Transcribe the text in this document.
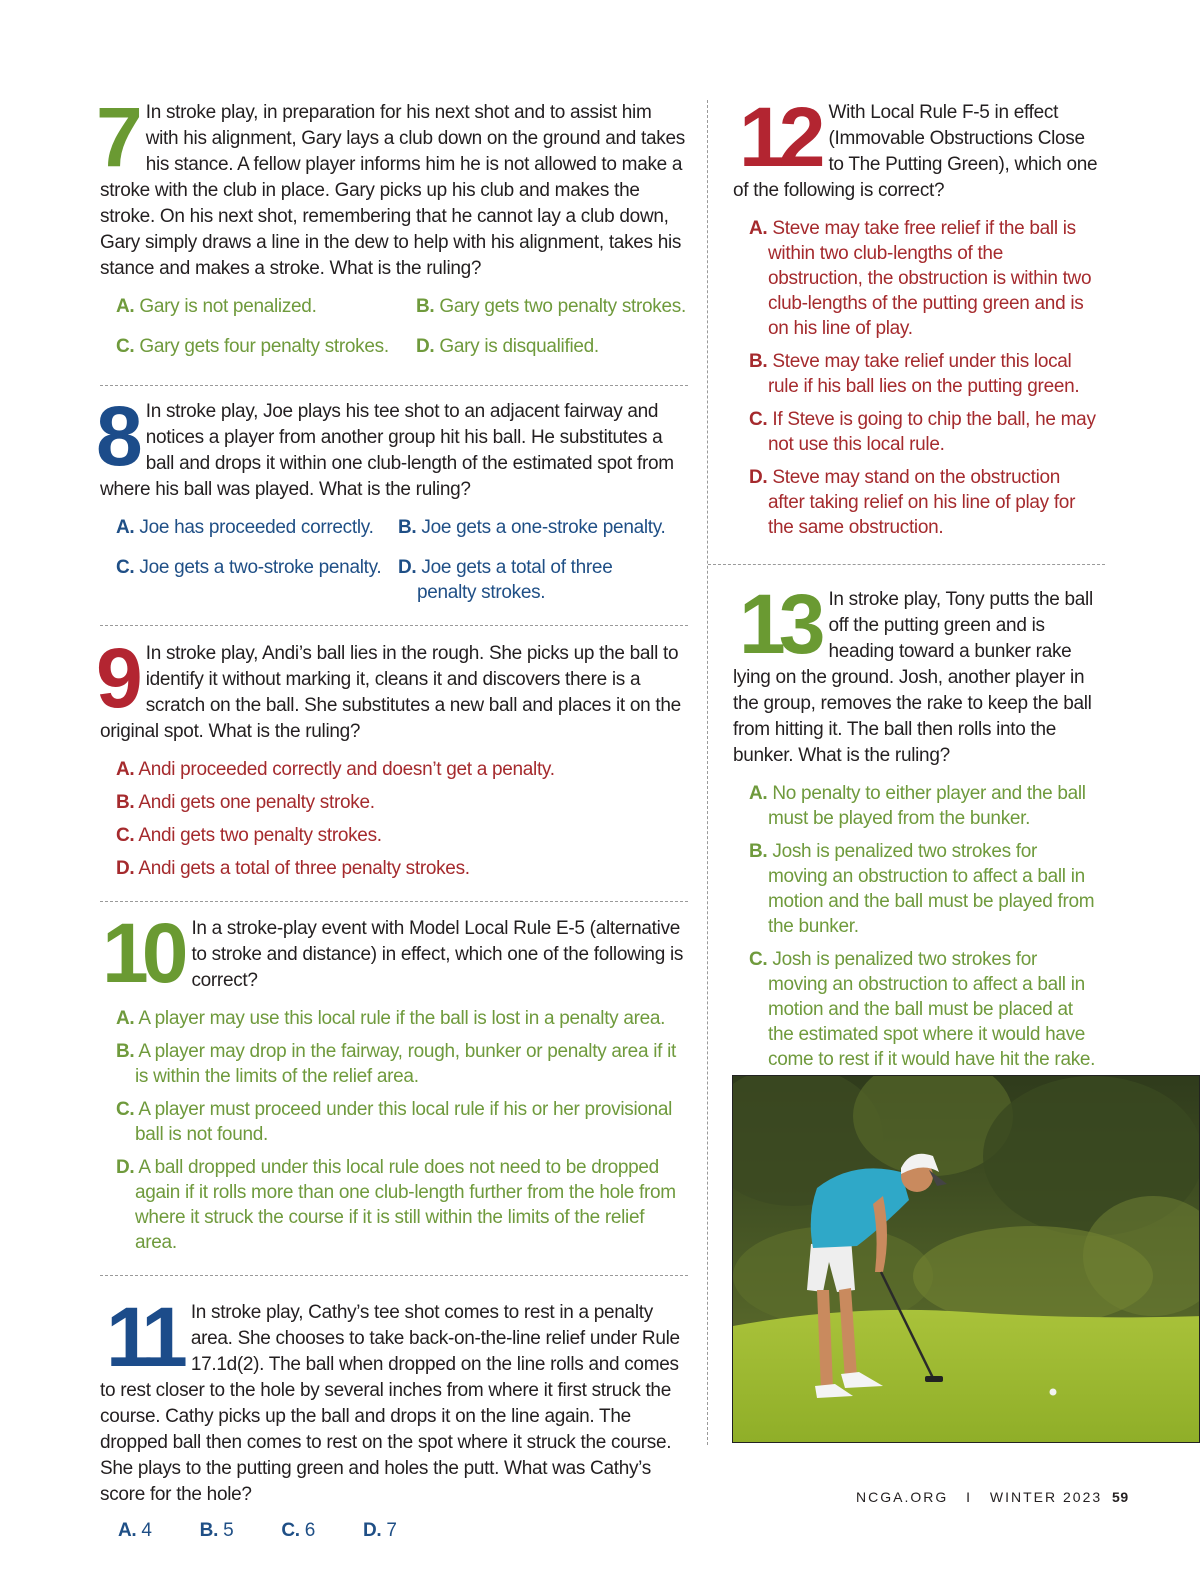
7 In stroke play, in preparation for his next shot and to assist him with his alignment, Gary lays a club down on the ground and takes his stance. A fellow player informs him he is not allowed to make a stroke with the club in place. Gary picks up his club and makes the stroke. On his next shot, remembering that he cannot lay a club down, Gary simply draws a line in the dew to help with his alignment, takes his stance and makes a stroke. What is the ruling?

A. Gary is not penalized.	B. Gary gets two penalty strokes.
C. Gary gets four penalty strokes.	D. Gary is disqualified.

8 In stroke play, Joe plays his tee shot to an adjacent fairway and notices a player from another group hit his ball. He substitutes a ball and drops it within one club-length of the estimated spot from where his ball was played. What is the ruling?

A. Joe has proceeded correctly.	B. Joe gets a one-stroke penalty.
C. Joe gets a two-stroke penalty. D. Joe gets a total of three penalty strokes.

9 In stroke play, Andi’s ball lies in the rough. She picks up the ball to identify it without marking it, cleans it and discovers there is a scratch on the ball. She substitutes a new ball and places it on the original spot. What is the ruling?

A. Andi proceeded correctly and doesn’t get a penalty.
B. Andi gets one penalty stroke.
C. Andi gets two penalty strokes.
D. Andi gets a total of three penalty strokes.

10 In a stroke-play event with Model Local Rule E-5 (alternative to stroke and distance) in effect, which one of the following is correct?

A. A player may use this local rule if the ball is lost in a penalty area.
B. A player may drop in the fairway, rough, bunker or penalty area if it is within the limits of the relief area.
C. A player must proceed under this local rule if his or her provisional ball is not found.
D. A ball dropped under this local rule does not need to be dropped again if it rolls more than one club-length further from the hole from where it struck the course if it is still within the limits of the relief area.

11 In stroke play, Cathy’s tee shot comes to rest in a penalty area. She chooses to take back-on-the-line relief under Rule 17.1d(2). The ball when dropped on the line rolls and comes to rest closer to the hole by several inches from where it first struck the course. Cathy picks up the ball and drops it on the line again. The dropped ball then comes to rest on the spot where it struck the course. She plays to the putting green and holes the putt. What was Cathy’s score for the hole?

A. 4	B. 5	C. 6	D. 7

12 With Local Rule F-5 in effect (Immovable Obstructions Close to The Putting Green), which one of the following is correct?

A. Steve may take free relief if the ball is within two club-lengths of the obstruction, the obstruction is within two club-lengths of the putting green and is on his line of play.
B. Steve may take relief under this local rule if his ball lies on the putting green.
C. If Steve is going to chip the ball, he may not use this local rule.
D. Steve may stand on the obstruction after taking relief on his line of play for the same obstruction.

13 In stroke play, Tony putts the ball off the putting green and is heading toward a bunker rake lying on the ground. Josh, another player in the group, removes the rake to keep the ball from hitting it. The ball then rolls into the bunker. What is the ruling?

A. No penalty to either player and the ball must be played from the bunker.
B. Josh is penalized two strokes for moving an obstruction to affect a ball in motion and the ball must be played from the bunker.
C. Josh is penalized two strokes for moving an obstruction to affect a ball in motion and the ball must be placed at the estimated spot where it would have come to rest if it would have hit the rake.
NCGA.ORG I WINTER 2023 59
